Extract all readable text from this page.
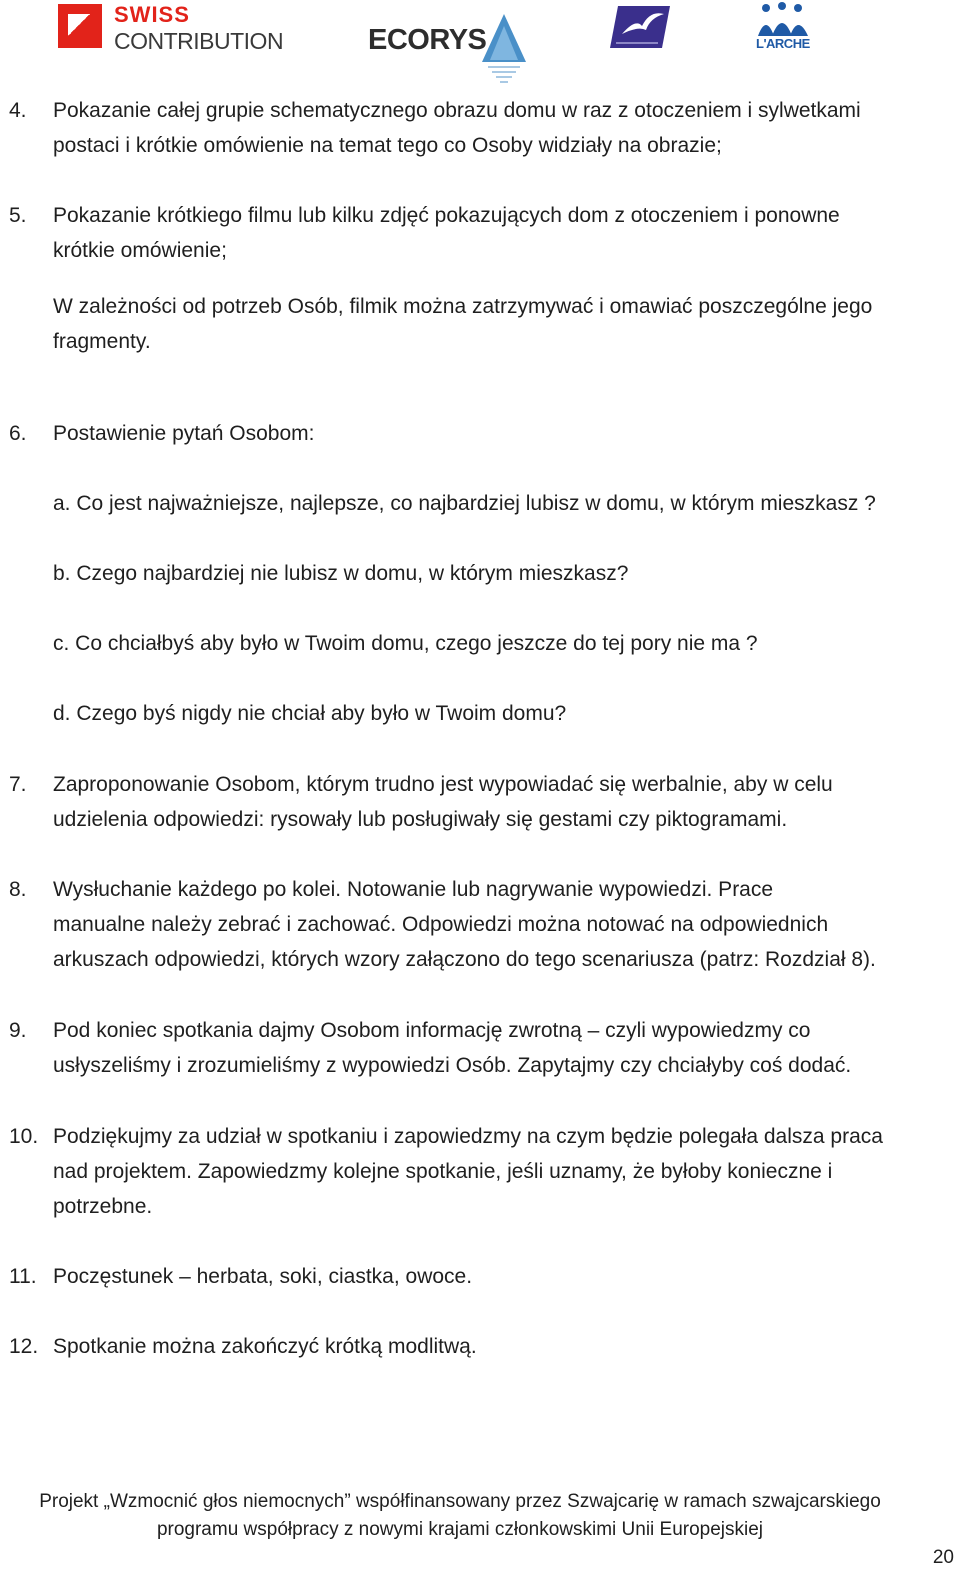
SWISS
CONTRIBUTION	ECORYS	L'ARCHE
4. Pokazanie całej grupie schematycznego obrazu domu w raz z otoczeniem i sylwetkami
postaci i krótkie omówienie na temat tego co Osoby widziały na obrazie;
5. Pokazanie krótkiego filmu lub kilku zdjęć pokazujących dom z otoczeniem i ponowne
krótkie omówienie;
W zależności od potrzeb Osób, filmik można zatrzymywać i omawiać poszczególne jego
fragmenty.
6. Postawienie pytań Osobom:
a. Co jest najważniejsze, najlepsze, co najbardziej lubisz w domu, w którym mieszkasz ?
b. Czego najbardziej nie lubisz w domu, w którym mieszkasz?
c. Co chciałbyś aby było w Twoim domu, czego jeszcze do tej pory nie ma ?
d. Czego byś nigdy nie chciał aby było w Twoim domu?
7. Zaproponowanie Osobom, którym trudno jest wypowiadać się werbalnie, aby w celu
udzielenia odpowiedzi: rysowały lub posługiwały się gestami czy piktogramami.
8. Wysłuchanie każdego po kolei. Notowanie lub nagrywanie wypowiedzi. Prace
manualne należy zebrać i zachować. Odpowiedzi można notować na odpowiednich
arkuszach odpowiedzi, których wzory załączono do tego scenariusza (patrz: Rozdział 8).
9. Pod koniec spotkania dajmy Osobom informację zwrotną – czyli wypowiedzmy co
usłyszeliśmy i zrozumieliśmy z wypowiedzi Osób. Zapytajmy czy chciałyby coś dodać.
10. Podziękujmy za udział w spotkaniu i zapowiedzmy na czym będzie polegała dalsza praca
nad projektem. Zapowiedzmy kolejne spotkanie, jeśli uznamy, że byłoby konieczne i
potrzebne.
11. Poczęstunek – herbata, soki, ciastka, owoce.
12. Spotkanie można zakończyć krótką modlitwą.
Projekt „Wzmocnić głos niemocnych” współfinansowany przez Szwajcarię w ramach szwajcarskiego
programu współpracy z nowymi krajami członkowskimi Unii Europejskiej
20
